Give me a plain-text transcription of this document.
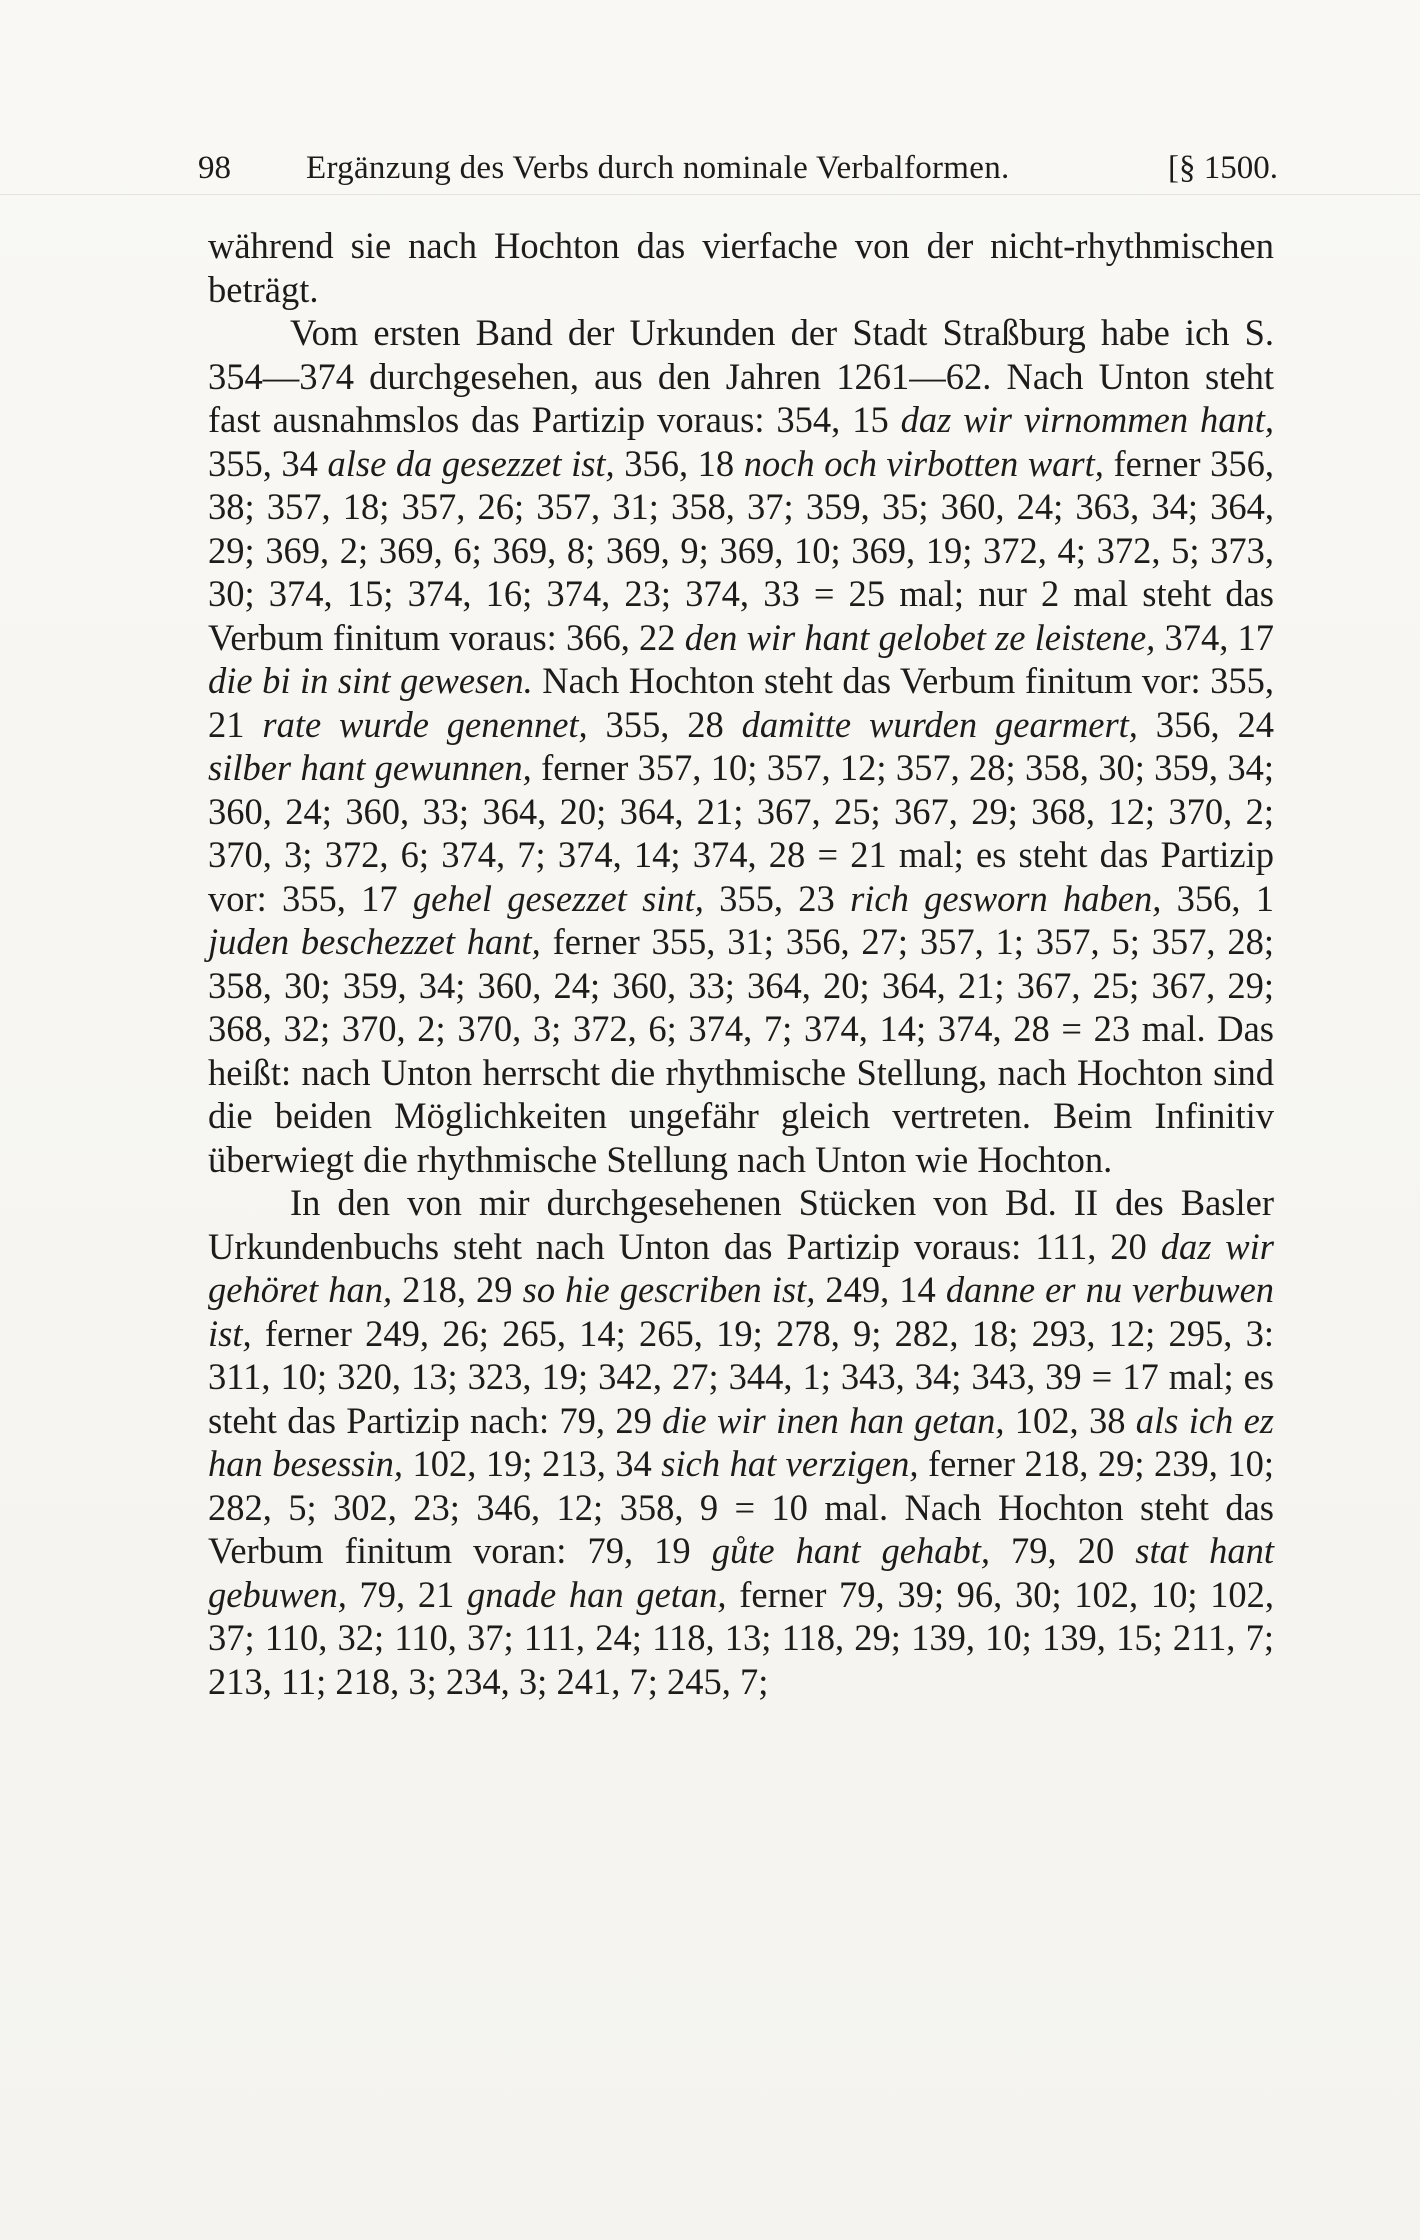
98	Ergänzung des Verbs durch nominale Verbalformen.	[§ 1500.

während sie nach Hochton das vierfache von der nicht-rhythmischen beträgt.

Vom ersten Band der Urkunden der Stadt Straßburg habe ich S. 354—374 durchgesehen, aus den Jahren 1261—62. Nach Unton steht fast ausnahmslos das Partizip voraus: 354, 15 daz wir virnommen hant, 355, 34 alse da gesezzet ist, 356, 18 noch och virbotten wart, ferner 356, 38; 357, 18; 357, 26; 357, 31; 358, 37; 359, 35; 360, 24; 363, 34; 364, 29; 369, 2; 369, 6; 369, 8; 369, 9; 369, 10; 369, 19; 372, 4; 372, 5; 373, 30; 374, 15; 374, 16; 374, 23; 374, 33 = 25 mal; nur 2 mal steht das Verbum finitum voraus: 366, 22 den wir hant gelobet ze leistene, 374, 17 die bi in sint gewesen. Nach Hochton steht das Verbum finitum vor: 355, 21 rate wurde genennet, 355, 28 damitte wurden gearmert, 356, 24 silber hant gewunnen, ferner 357, 10; 357, 12; 357, 28; 358, 30; 359, 34; 360, 24; 360, 33; 364, 20; 364, 21; 367, 25; 367, 29; 368, 12; 370, 2; 370, 3; 372, 6; 374, 7; 374, 14; 374, 28 = 21 mal; es steht das Partizip vor: 355, 17 gehel gesezzet sint, 355, 23 rich gesworn haben, 356, 1 juden beschezzet hant, ferner 355, 31; 356, 27; 357, 1; 357, 5; 357, 28; 358, 30; 359, 34; 360, 24; 360, 33; 364, 20; 364, 21; 367, 25; 367, 29; 368, 32; 370, 2; 370, 3; 372, 6; 374, 7; 374, 14; 374, 28 = 23 mal. Das heißt: nach Unton herrscht die rhythmische Stellung, nach Hochton sind die beiden Möglichkeiten ungefähr gleich vertreten. Beim Infinitiv überwiegt die rhythmische Stellung nach Unton wie Hochton.

In den von mir durchgesehenen Stücken von Bd. II des Basler Urkundenbuchs steht nach Unton das Partizip voraus: 111, 20 daz wir gehöret han, 218, 29 so hie gescriben ist, 249, 14 danne er nu verbuwen ist, ferner 249, 26; 265, 14; 265, 19; 278, 9; 282, 18; 293, 12; 295, 3: 311, 10; 320, 13; 323, 19; 342, 27; 344, 1; 343, 34; 343, 39 = 17 mal; es steht das Partizip nach: 79, 29 die wir inen han getan, 102, 38 als ich ez han besessin, 102, 19; 213, 34 sich hat verzigen, ferner 218, 29; 239, 10; 282, 5; 302, 23; 346, 12; 358, 9 = 10 mal. Nach Hochton steht das Verbum finitum voran: 79, 19 gůte hant gehabt, 79, 20 stat hant gebuwen, 79, 21 gnade han getan, ferner 79, 39; 96, 30; 102, 10; 102, 37; 110, 32; 110, 37; 111, 24; 118, 13; 118, 29; 139, 10; 139, 15; 211, 7; 213, 11; 218, 3; 234, 3; 241, 7; 245, 7;
